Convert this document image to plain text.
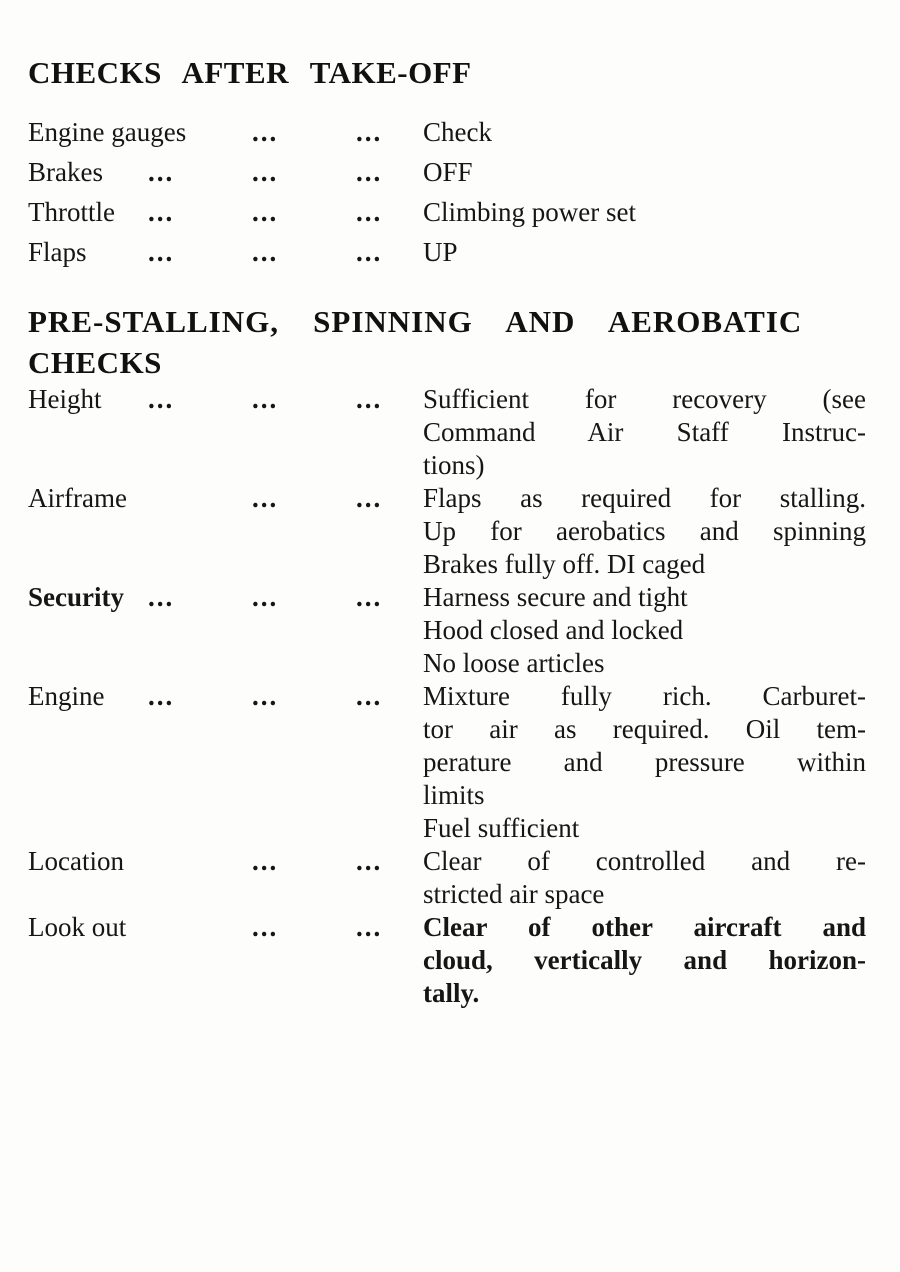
CHECKS AFTER TAKE-OFF
Engine gauges ...	... Check
Brakes ...	...	... OFF
Throttle ...	...	... Climbing power set
Flaps ...	...	... UP
PRE-STALLING, SPINNING AND AEROBATIC
CHECKS
Height ...	...	... Sufficient for recovery (see
Command Air Staff Instruc-
tions)
Airframe	...	... Flaps as required for stalling.
Up for aerobatics and spinning
Brakes fully off. DI caged
Security ...	...	... Harness secure and tight
Hood closed and locked
No loose articles
Engine ...	...	... Mixture fully rich. Carburet-
tor air as required. Oil tem-
perature and pressure within
limits
Fuel sufficient
Location	...	... Clear of controlled and re-
stricted air space
Look out	...	... Clear of other aircraft and
cloud, vertically and horizon-
tally.
